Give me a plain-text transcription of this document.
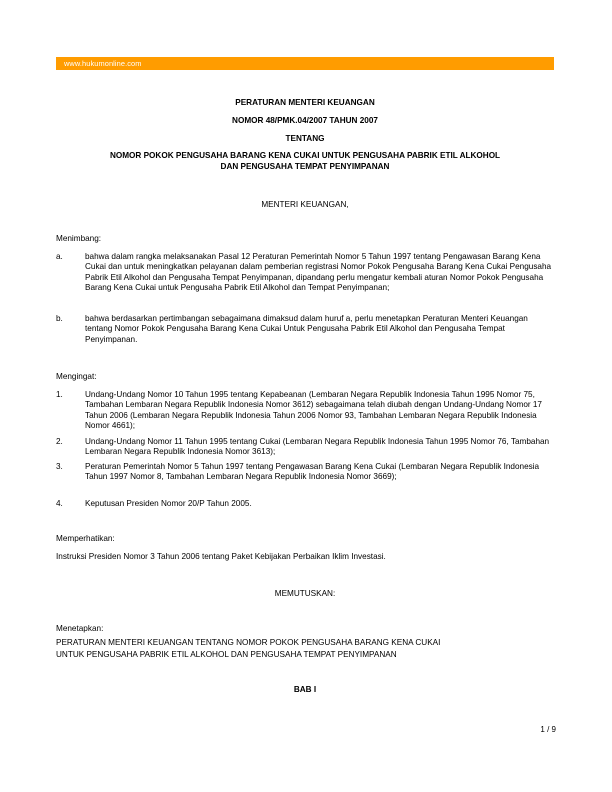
www.hukumonline.com
PERATURAN MENTERI KEUANGAN
NOMOR 48/PMK.04/2007 TAHUN 2007
TENTANG
NOMOR POKOK PENGUSAHA BARANG KENA CUKAI UNTUK PENGUSAHA PABRIK ETIL ALKOHOL
DAN PENGUSAHA TEMPAT PENYIMPANAN
MENTERI KEUANGAN,
Menimbang:
a.	bahwa dalam rangka melaksanakan Pasal 12 Peraturan Pemerintah Nomor 5 Tahun 1997 tentang Pengawasan Barang Kena Cukai dan untuk meningkatkan pelayanan dalam pemberian registrasi Nomor Pokok Pengusaha Barang Kena Cukai Pengusaha Pabrik Etil Alkohol dan Pengusaha Tempat Penyimpanan, dipandang perlu mengatur kembali aturan Nomor Pokok Pengusaha Barang Kena Cukai untuk Pengusaha Pabrik Etil Alkohol dan Tempat Penyimpanan;
b.	bahwa berdasarkan pertimbangan sebagaimana dimaksud dalam huruf a, perlu menetapkan Peraturan Menteri Keuangan tentang Nomor Pokok Pengusaha Barang Kena Cukai Untuk Pengusaha Pabrik Etil Alkohol dan Pengusaha Tempat Penyimpanan.
Mengingat:
1.	Undang-Undang Nomor 10 Tahun 1995 tentang Kepabeanan (Lembaran Negara Republik Indonesia Tahun 1995 Nomor 75, Tambahan Lembaran Negara Republik Indonesia Nomor 3612) sebagaimana telah diubah dengan Undang-Undang Nomor 17 Tahun 2006 (Lembaran Negara Republik Indonesia Tahun 2006 Nomor 93, Tambahan Lembaran Negara Republik Indonesia Nomor 4661);
2.	Undang-Undang Nomor 11 Tahun 1995 tentang Cukai (Lembaran Negara Republik Indonesia Tahun 1995 Nomor 76, Tambahan Lembaran Negara Republik Indonesia Nomor 3613);
3.	Peraturan Pemerintah Nomor 5 Tahun 1997 tentang Pengawasan Barang Kena Cukai (Lembaran Negara Republik Indonesia Tahun 1997 Nomor 8, Tambahan Lembaran Negara Republik Indonesia Nomor 3669);
4.	Keputusan Presiden Nomor 20/P Tahun 2005.
Memperhatikan:
Instruksi Presiden Nomor 3 Tahun 2006 tentang Paket Kebijakan Perbaikan Iklim Investasi.
MEMUTUSKAN:
Menetapkan:
PERATURAN MENTERI KEUANGAN TENTANG NOMOR POKOK PENGUSAHA BARANG KENA CUKAI
UNTUK PENGUSAHA PABRIK ETIL ALKOHOL DAN PENGUSAHA TEMPAT PENYIMPANAN
BAB I
1 / 9
